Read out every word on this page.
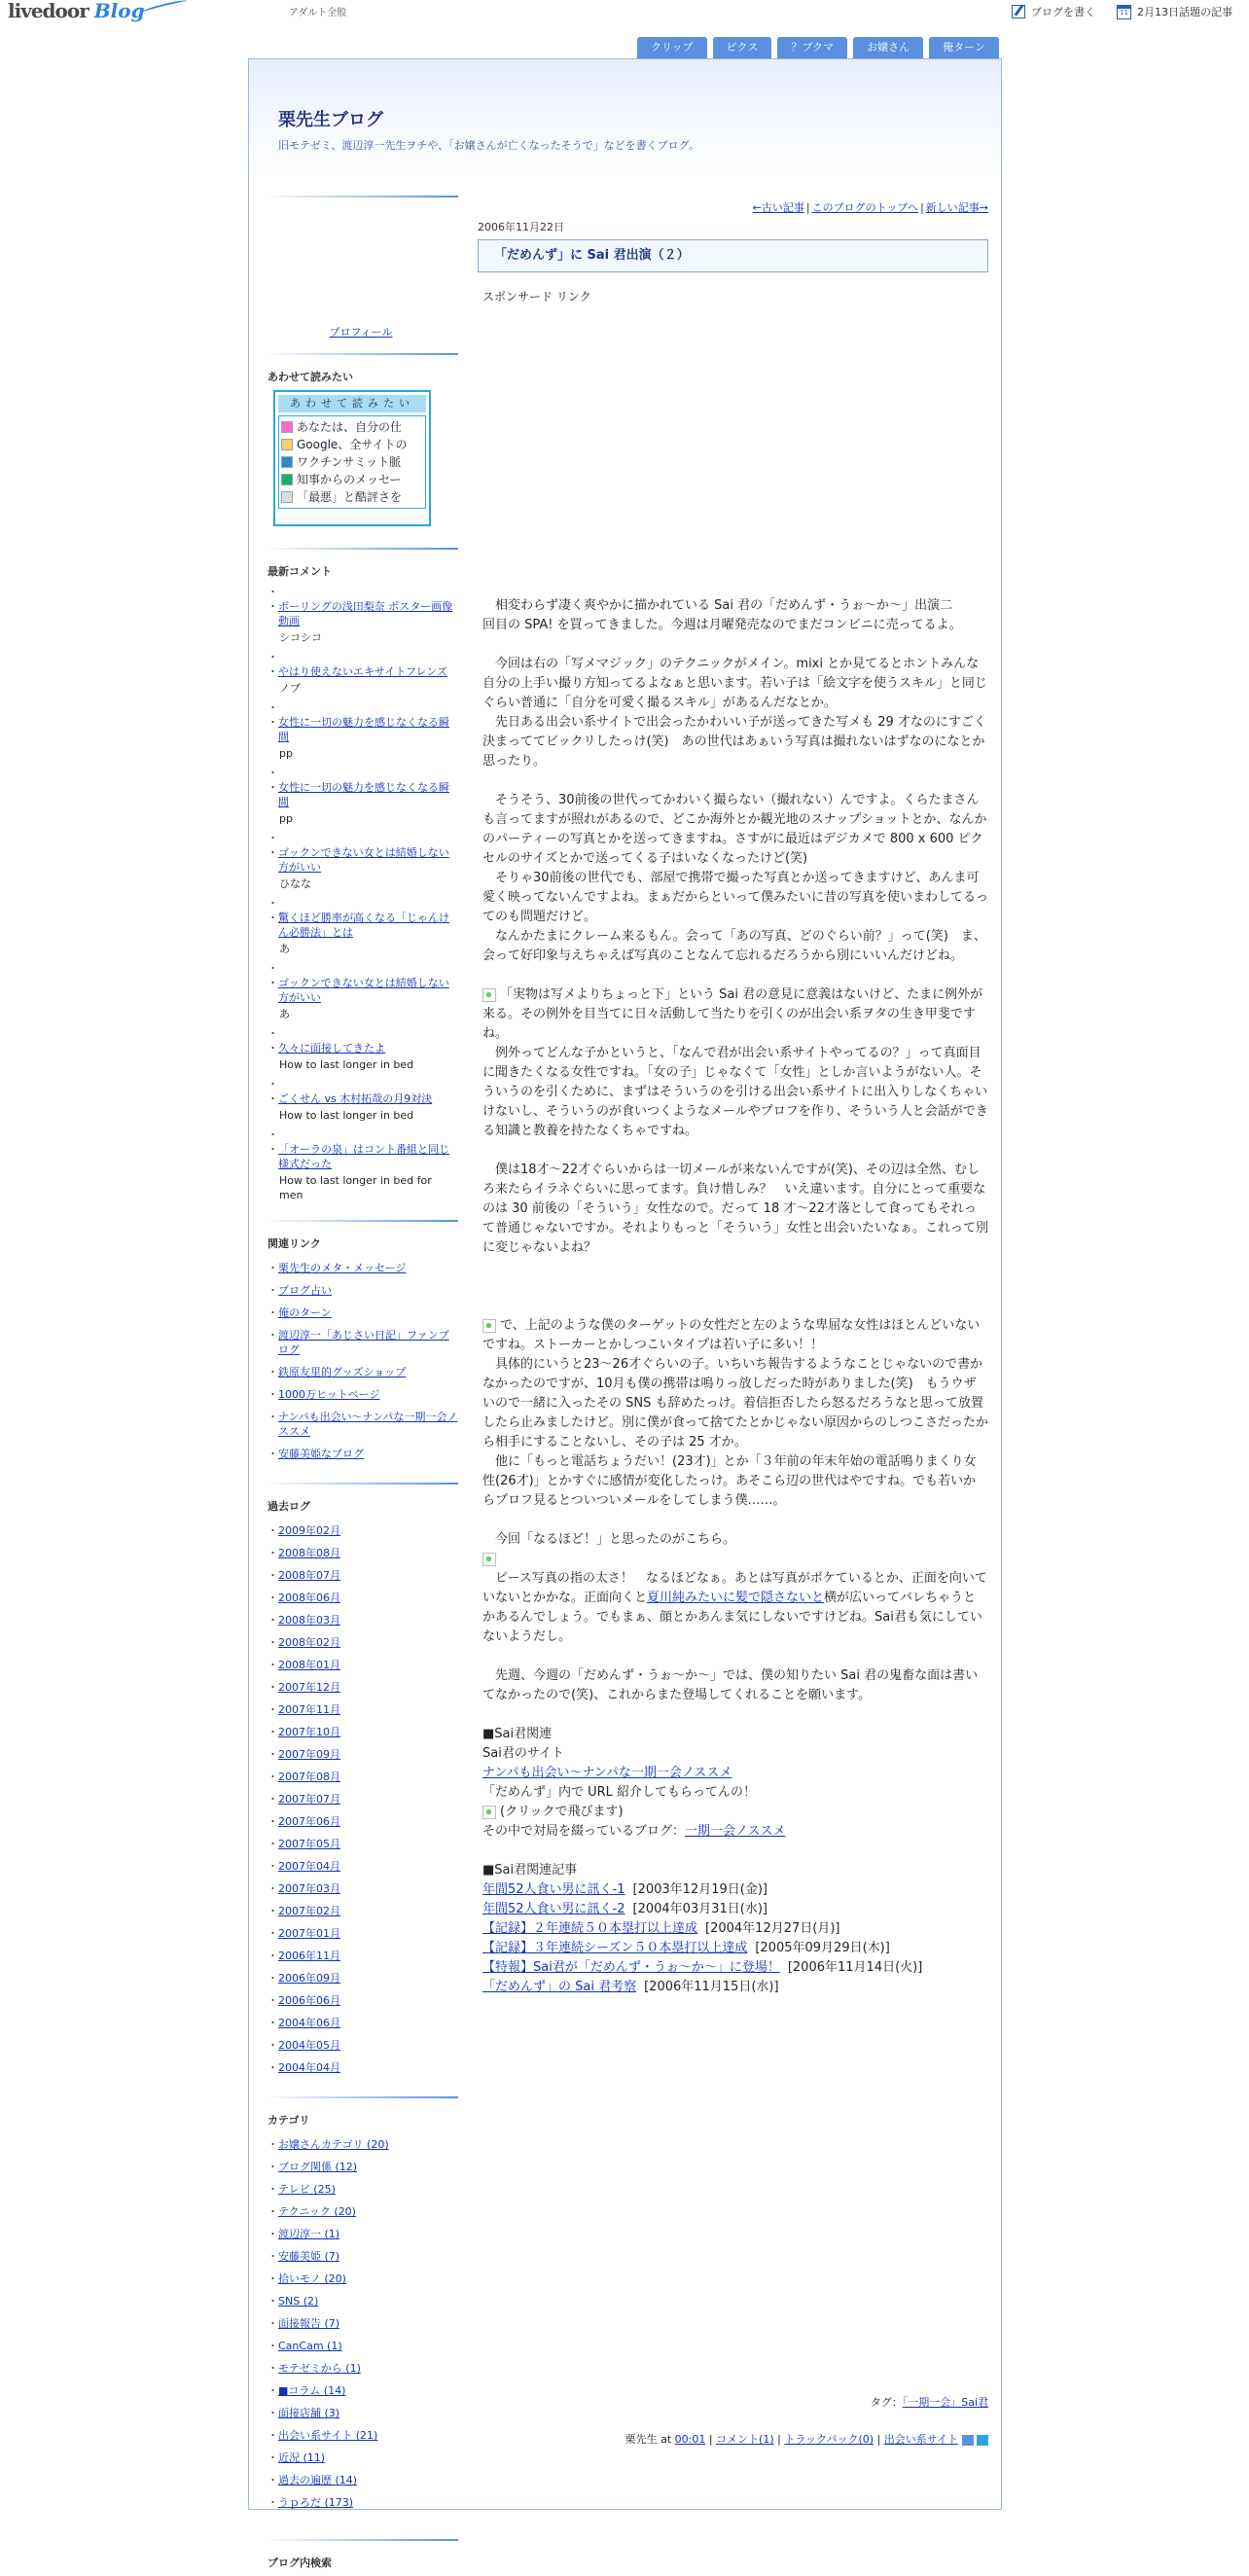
livedoor Blog	アダルト全般	ブログを書く	11 2月13日話題の記事
クリップ	ピクス	？ブクマ	お嬢さん	俺ターン
栗先生ブログ
旧モテゼミ、渡辺淳一先生ヲチや、「お嬢さんが亡くなったそうで」などを書くブログ。
プロフィール
あわせて読みたい
あわせて読みたい
あなたは、自分の仕
Google、全サイトの
ワクチンサミット脈
知事からのメッセー
「最悪」と酷評さを
最新コメント
・ ・ ボーリングの浅田梨奈 ポスター画像 動画
シコシコ
・ ・ やはり使えないエキサイトフレンズ
ノブ
・ ・ 女性に一切の魅力を感じなくなる瞬間
pp
・ ・ 女性に一切の魅力を感じなくなる瞬間
pp
・ ・ ゴックンできない女とは結婚しない方がいい
ひなな
・ ・ 驚くほど勝率が高くなる「じゃんけん必勝法」とは
あ
・ ・ ゴックンできない女とは結婚しない方がいい
あ
・ ・ 久々に面接してきたよ
How to last longer in bed
・ ・ ごくせん vs 木村拓哉の月9対決
How to last longer in bed
・ ・ 「オーラの泉」はコント番組と同じ様式だった
How to last longer in bed for men
関連リンク
・ 栗先生のメタ・メッセージ
・ ブログ占い
・ 俺のターン
・ 渡辺淳一「あじさい日記」ファンブログ
・ 鉄原友里的グッズショップ
・ 1000万ヒットページ
・ ナンパも出会い～ナンパな一期一会ノススメ
・ 安藤美姫なブログ
過去ログ
・ 2009年02月
・ 2008年08月
・ 2008年07月
・ 2008年06月
・ 2008年03月
・ 2008年02月
・ 2008年01月
・ 2007年12月
・ 2007年11月
・ 2007年10月
・ 2007年09月
・ 2007年08月
・ 2007年07月
・ 2007年06月
・ 2007年05月
・ 2007年04月
・ 2007年03月
・ 2007年02月
・ 2007年01月
・ 2006年11月
・ 2006年09月
・ 2006年06月
・ 2004年06月
・ 2004年05月
・ 2004年04月
カテゴリ
・ お嬢さんカテゴリ (20)
・ ブログ関係 (12)
・ テレビ (25)
・ テクニック (20)
・ 渡辺淳一 (1)
・ 安藤美姫 (7)
・ 拾いモノ (20)
・ SNS (2)
・ 面接報告 (7)
・ CanCam (1)
・ モテゼミから (1)
・ ■コラム (14)
・ 面接店舗 (3)
・ 出会い系サイト (21)
・ 近況 (11)
・ 過去の遍歴 (14)
・ うｐろだ (173)
ブログ内検索
←古い記事 | このブログのトップへ | 新しい記事→
2006年11月22日
「だめんず」に Sai 君出演（２）
スポンサード リンク
相変わらず凄く爽やかに描かれている Sai 君の「だめんず・うぉ～か～」出演二回目の SPA! を買ってきました。今週は月曜発売なのでまだコンビニに売ってるよ。
今回は右の「写メマジック」のテクニックがメイン。mixi とか見てるとホントみんな自分の上手い撮り方知ってるよなぁと思います。若い子は「絵文字を使うスキル」と同じぐらい普通に「自分を可愛く撮るスキル」があるんだなとか。
先日ある出会い系サイトで出会ったかわいい子が送ってきた写メも 29 才なのにすごく決まっててビックリしたっけ(笑)　あの世代はあぁいう写真は撮れないはずなのになとか思ったり。
そうそう、30前後の世代ってかわいく撮らない（撮れない）んですよ。くらたまさんも言ってますが照れがあるので、どこか海外とか観光地のスナップショットとか、なんかのパーティーの写真とかを送ってきますね。さすがに最近はデジカメで 800 x 600 ピクセルのサイズとかで送ってくる子はいなくなったけど(笑)
そりゃ30前後の世代でも、部屋で携帯で撮った写真とか送ってきますけど、あんま可愛く映ってないんですよね。まぁだからといって僕みたいに昔の写真を使いまわしてるってのも問題だけど。
なんかたまにクレーム来るもん。会って「あの写真、どのぐらい前？」って(笑)　ま、会って好印象与えちゃえば写真のことなんて忘れるだろうから別にいいんだけどね。
「実物は写メよりちょっと下」という Sai 君の意見に意義はないけど、たまに例外が来る。その例外を目当てに日々活動して当たりを引くのが出会い系ヲタの生き甲斐ですね。
例外ってどんな子かというと、「なんで君が出会い系サイトやってるの？」って真面目に聞きたくなる女性ですね。「女の子」じゃなくて「女性」としか言いようがない人。そういうのを引くために、まずはそういうのを引ける出会い系サイトに出入りしなくちゃいけないし、そういうのが食いつくようなメールやプロフを作り、そういう人と会話ができる知識と教養を持たなくちゃですね。
僕は18才～22才ぐらいからは一切メールが来ないんですが(笑)、その辺は全然、むしろ来たらイラネぐらいに思ってます。負け惜しみ？　いえ違います。自分にとって重要なのは 30 前後の「そういう」女性なので。だって 18 才～22才落として食ってもそれって普通じゃないですか。それよりもっと「そういう」女性と出会いたいなぁ。これって別に変じゃないよね？
で、上記のような僕のターゲットの女性だと左のような卑屈な女性はほとんどいないですね。ストーカーとかしつこいタイプは若い子に多い！！
具体的にいうと23～26才ぐらいの子。いちいち報告するようなことじゃないので書かなかったのですが、10月も僕の携帯は鳴りっ放しだった時がありました(笑)　もうウザいので一緒に入ったその SNS も辞めたっけ。着信拒否したら怒るだろうなと思って放置したら止みましたけど。別に僕が食って捨てたとかじゃない原因からのしつこさだったから相手にすることないし、その子は 25 才か。
他に「もっと電話ちょうだい！(23才)」とか「３年前の年末年始の電話鳴りまくり女性(26才)」とかすぐに感情が変化したっけ。あそこら辺の世代はやですね。でも若いからプロフ見るとついついメールをしてしまう僕……。
今回「なるほど！」と思ったのがこちら。
ピース写真の指の太さ！　なるほどなぁ。あとは写真がボケているとか、正面を向いていないとかかな。正面向くと夏川純みたいに髪で隠さないと横が広いってバレちゃうとかあるんでしょう。でもまぁ、顔とかあんま気にしないですけどね。Sai君も気にしていないようだし。
先週、今週の「だめんず・うぉ～か～」では、僕の知りたい Sai 君の鬼畜な面は書いてなかったので(笑)、これからまた登場してくれることを願います。
■Sai君関連
Sai君のサイト
ナンパも出会い～ナンパな一期一会ノススメ
「だめんず」内で URL 紹介してもらってんの！
(クリックで飛びます)
その中で対局を綴っているブログ：一期一会ノススメ
■Sai君関連記事
年間52人食い男に訊く-1 [2003年12月19日(金)]
年間52人食い男に訊く-2 [2004年03月31日(水)]
【記録】２年連続５０本塁打以上達成 [2004年12月27日(月)]
【記録】３年連続シーズン５０本塁打以上達成 [2005年09月29日(木)]
【特報】Sai君が「だめんず・うぉ～か～」に登場！ [2006年11月14日(火)]
「だめんず」の Sai 君考察 [2006年11月15日(水)]
タグ：「一期一会」Sai君
栗先生 at 00:01 | コメント(1) | トラックバック(0) | 出会い系サイト
